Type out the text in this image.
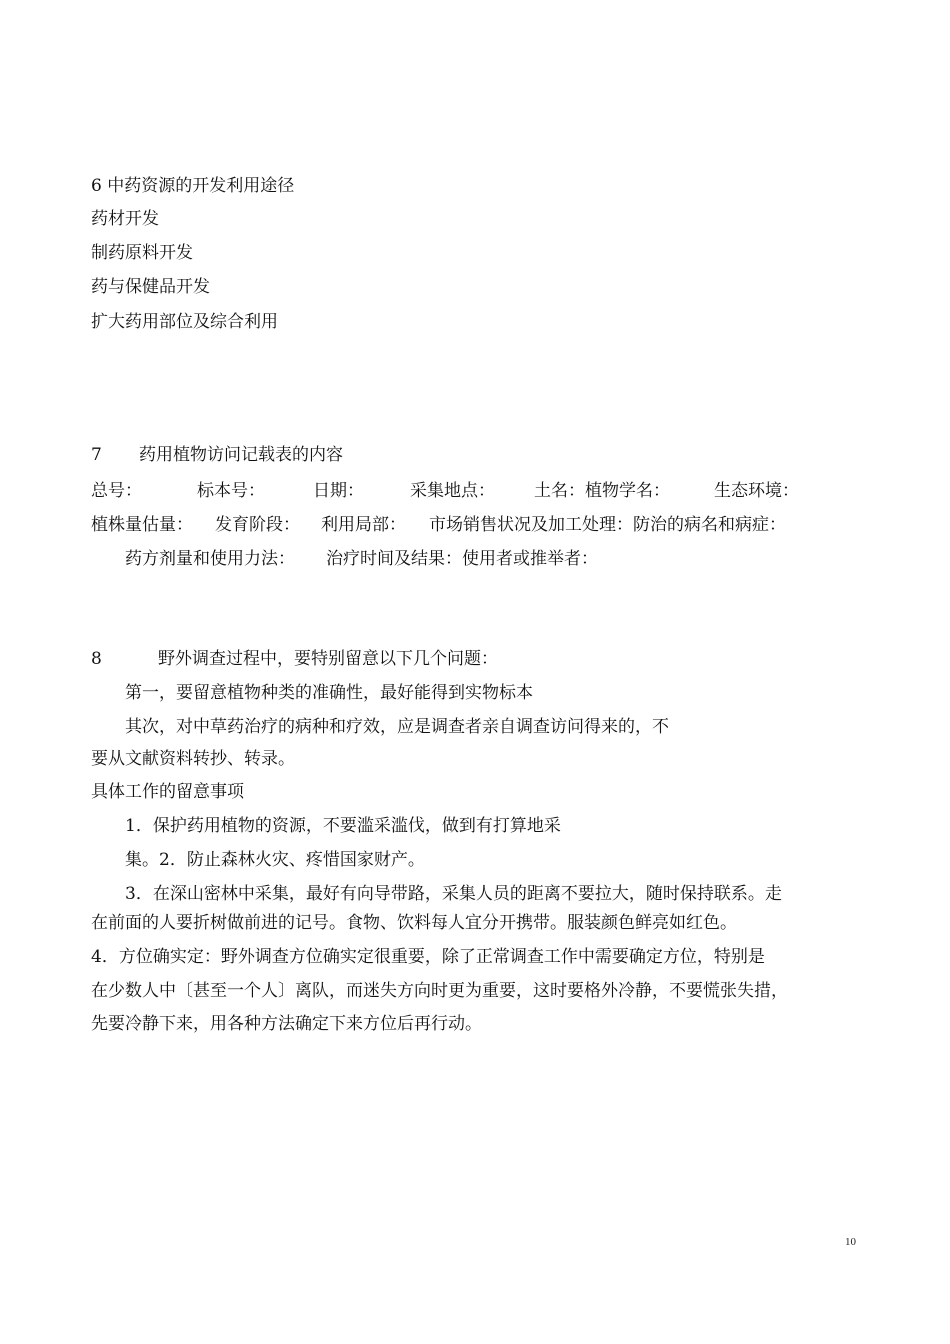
6 中药资源的开发利用途径
药材开发
制药原料开发
药与保健品开发
扩大药用部位及综合利用
7 药用植物访问记载表的内容
总号：	标本号：	日期：	采集地点： 土名：植物学名：	生态环境：
植株量估量： 发育阶段： 利用局部： 市场销售状况及加工处理：防治的病名和病症：
药方剂量和使用力法： 治疗时间及结果：使用者或推举者：
8	野外调查过程中，要特别留意以下几个问题：
第一，要留意植物种类的准确性，最好能得到实物标本
其次，对中草药治疗的病种和疗效，应是调查者亲自调查访问得来的，不
要从文献资料转抄、转录。
具体工作的留意事项
1．保护药用植物的资源，不要滥采滥伐，做到有打算地采
集。2．防止森林火灾、疼惜国家财产。
3．在深山密林中采集，最好有向导带路，采集人员的距离不要拉大，随时保持联系。走
在前面的人要折树做前进的记号。食物、饮料每人宜分开携带。服装颜色鲜亮如红色。
4．方位确实定：野外调查方位确实定很重要，除了正常调查工作中需要确定方位，特别是
在少数人中〔甚至一个人〕离队，而迷失方向时更为重要，这时要格外冷静，不要慌张失措，
先要冷静下来，用各种方法确定下来方位后再行动。
10
